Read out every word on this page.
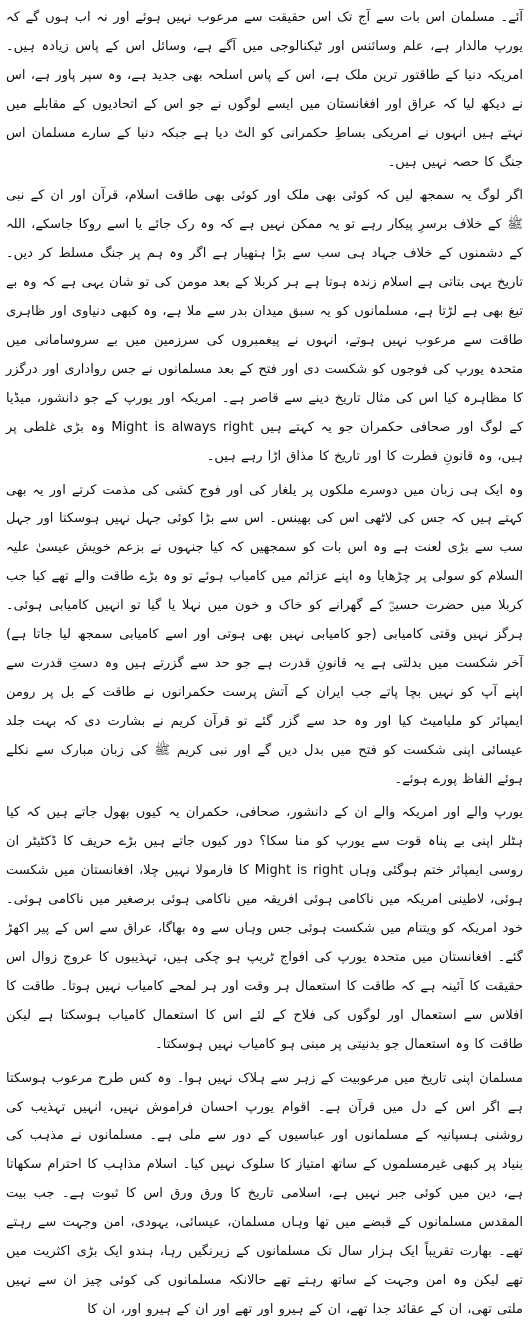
آئے۔ مسلمان اس بات سے آج تک اس حقیقت سے مرعوب نہیں ہوئے اور نہ اب ہوں گے کہ یورپ مالدار ہے، علم وسائنس اور ٹیکنالوجی میں آگے ہے، وسائل اس کے پاس زیادہ ہیں۔ امریکہ دنیا کے طاقتور ترین ملک ہے، اس کے پاس اسلحہ بھی جدید ہے، وہ سپر پاور ہے، اس نے دیکھ لیا کہ عراق اور افغانستان میں ایسے لوگوں نے جو اس کے اتحادیوں کے مقابلے میں نہتے ہیں انہوں نے امریکی بساطِ حکمرانی کو الٹ دیا ہے جبکہ دنیا کے سارے مسلمان اس جنگ کا حصہ نہیں ہیں۔

اگر لوگ یہ سمجھ لیں کہ کوئی بھی ملک اور کوئی بھی طاقت اسلام، قرآن اور ان کے نبی ﷺ کے خلاف برسرِ پیکار رہے تو یہ ممکن نہیں ہے کہ وہ رک جائے یا اسے روکا جاسکے، اللہ کے دشمنوں کے خلاف جہاد ہی سب سے بڑا ہتھیار ہے اگر وہ ہم پر جنگ مسلط کر دیں۔ تاریخ یہی بتاتی ہے اسلام زندہ ہوتا ہے ہر کربلا کے بعد مومن کی تو شان یہی ہے کہ وہ بے تیغ بھی ہے لڑتا ہے، مسلمانوں کو یہ سبق میدان بدر سے ملا ہے، وہ کبھی دنیاوی اور ظاہری طاقت سے مرعوب نہیں ہوتے، انہوں نے پیغمبروں کی سرزمین میں بے سروسامانی میں متحدہ یورپ کی فوجوں کو شکست دی اور فتح کے بعد مسلمانوں نے جس رواداری اور درگزر کا مظاہرہ کیا اس کی مثال تاریخ دینے سے قاصر ہے۔ امریکہ اور یورپ کے جو دانشور، میڈیا کے لوگ اور صحافی حکمران جو یہ کہتے ہیں Might is always right وہ بڑی غلطی پر ہیں، وہ قانونِ فطرت کا اور تاریخ کا مذاق اڑا رہے ہیں۔

وہ ایک ہی زبان میں دوسرے ملکوں پر یلغار کی اور فوج کشی کی مذمت کرتے اور یہ بھی کہتے ہیں کہ جس کی لاٹھی اس کی بھینس۔ اس سے بڑا کوئی جہل نہیں ہوسکتا اور جہل سب سے بڑی لعنت ہے وہ اس بات کو سمجھیں کہ کیا جنہوں نے بزعم خویش عیسیٰ علیہ السلام کو سولی پر چڑھایا وہ اپنے عزائم میں کامیاب ہوئے تو وہ بڑے طاقت والے تھے کیا جب کربلا میں حضرت حسینؓ کے گھرانے کو خاک و خون میں نہلا یا گیا تو انہیں کامیابی ہوئی۔ ہرگز نہیں وقتی کامیابی (جو کامیابی نہیں بھی ہوتی اور اسے کامیابی سمجھ لیا جاتا ہے) آخر شکست میں بدلتی ہے یہ قانونِ قدرت ہے جو حد سے گزرتے ہیں وہ دستِ قدرت سے اپنے آپ کو نہیں بچا پاتے جب ایران کے آتش پرست حکمرانوں نے طاقت کے بل پر رومن ایمپائر کو ملیامیٹ کیا اور وہ حد سے گزر گئے تو قرآن کریم نے بشارت دی کہ بہت جلد عیسائی اپنی شکست کو فتح میں بدل دیں گے اور نبی کریم ﷺ کی زبان مبارک سے نکلے ہوئے الفاظ پورے ہوئے۔

یورپ والے اور امریکہ والے ان کے دانشور، صحافی، حکمران یہ کیوں بھول جاتے ہیں کہ کیا ہٹلر اپنی بے پناہ قوت سے یورپ کو منا سکا؟ دور کیوں جاتے ہیں بڑے حریف کا ڈکٹیٹر ان روسی ایمپائر ختم ہوگئی وہاں Might is right کا فارمولا نہیں چلا، افغانستان میں شکست ہوئی، لاطینی امریکہ میں ناکامی ہوئی افریقہ میں ناکامی ہوئی برصغیر میں ناکامی ہوئی۔ خود امریکہ کو ویتنام میں شکست ہوئی جس وہاں سے وہ بھاگا، عراق سے اس کے پیر اکھڑ گئے۔ افغانستان میں متحدہ یورپ کی افواج ٹریپ ہو چکی ہیں، تہذیبوں کا عروج زوال اس حقیقت کا آئینہ ہے کہ طاقت کا استعمال ہر وقت اور ہر لمحے کامیاب نہیں ہوتا۔ طاقت کا افلاس سے استعمال اور لوگوں کی فلاح کے لئے اس کا استعمال کامیاب ہوسکتا ہے لیکن طاقت کا وہ استعمال جو بدنیتی پر مبنی ہو کامیاب نہیں ہوسکتا۔

مسلمان اپنی تاریخ میں مرعوبیت کے زہر سے ہلاک نہیں ہوا۔ وہ کس طرح مرعوب ہوسکتا ہے اگر اس کے دل میں قرآن ہے۔ اقوام یورپ احسان فراموش نہیں، انہیں تہذیب کی روشنی ہسپانیہ کے مسلمانوں اور عباسیوں کے دور سے ملی ہے۔ مسلمانوں نے مذہب کی بنیاد پر کبھی غیرمسلموں کے ساتھ امتیاز کا سلوک نہیں کیا۔ اسلام مذاہب کا احترام سکھاتا ہے، دین میں کوئی جبر نہیں ہے، اسلامی تاریخ کا ورق ورق اس کا ثبوت ہے۔ جب بیت المقدس مسلمانوں کے قبضے میں تھا وہاں مسلمان، عیسائی، یہودی، امن وجہت سے رہتے تھے۔ بھارت تقریباً ایک ہزار سال تک مسلمانوں کے زیرنگیں رہا، ہندو ایک بڑی اکثریت میں تھے لیکن وہ امن وجہت کے ساتھ رہتے تھے حالانکہ مسلمانوں کی کوئی چیز ان سے نہیں ملتی تھی، ان کے عقائد جدا تھے، ان کے ہیرو اور تھے اور ان کے ہیرو اور، ان کا
